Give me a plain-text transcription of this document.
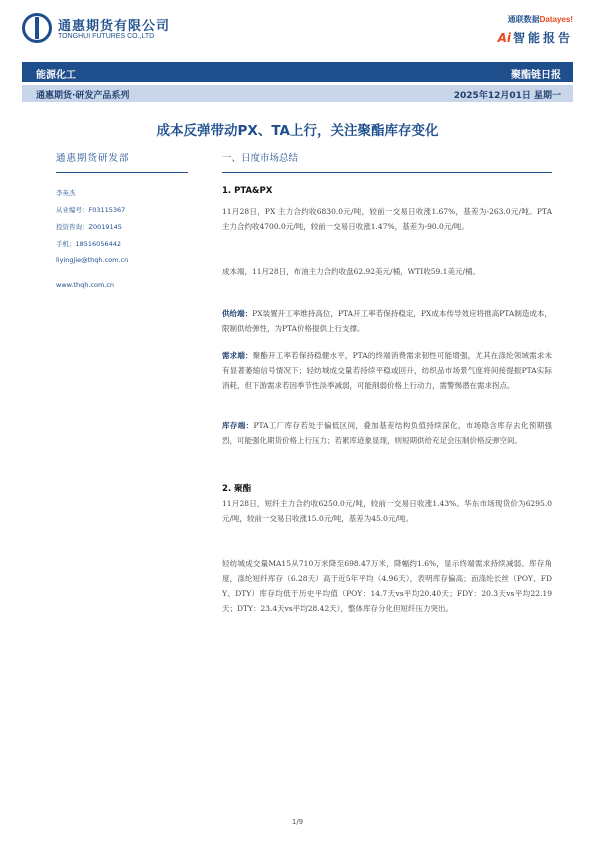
通惠期货有限公司
TONGHUI FUTURES CO.,LTD
通联数据Datayes!
Ai 智能报告
能源化工	聚酯链日报
通惠期货·研发产品系列	2025年12月01日 星期一
成本反弹带动PX、TA上行，关注聚酯库存变化
通惠期货研发部
李英杰
从业编号：F03115367
投资咨询：Z0019145
手机：18516056442
liyingjie@thqh.com.cn
www.thqh.com.cn
一、日度市场总结
1. PTA&PX
11月28日，PX 主力合约收6830.0元/吨，较前一交易日收涨1.67%，基差为-263.0元/吨。PTA 主力合约收4700.0元/吨，较前一交易日收涨1.47%，基差为-90.0元/吨。
成本端，11月28日，布油主力合约收盘62.92美元/桶，WTI收59.1美元/桶。
供给端：PX装置开工率维持高位，PTA开工率若保持稳定，PX成本传导效应将推高PTA制造成本，限制供给弹性，为PTA价格提供上行支撑。
需求端：聚酯开工率若保持稳健水平，PTA的终端消费需求韧性可能增强，尤其在涤纶领域需求未有显著萎缩信号情况下；轻纺城成交量若持续平稳或回升，纺织品市场景气度将间接提振PTA实际消耗，但下游需求若因季节性淡季减弱，可能削弱价格上行动力，需警惕潜在需求拐点。
库存端：PTA工厂库存若处于偏低区间，叠加基差结构负值持续深化，市场隐含库存去化预期强烈，可能强化期货价格上行压力；若累库迹象显现，则短期供给充足会压制价格反弹空间。
2. 聚酯
11月28日，短纤主力合约收6250.0元/吨，较前一交易日收涨1.43%。华东市场现货价为6295.0元/吨，较前一交易日收涨15.0元/吨，基差为45.0元/吨。
轻纺城成交量MA15从710万米降至698.47万米，降幅约1.6%，显示终端需求持续减弱。库存角度，涤纶短纤库存（6.28天）高于近5年平均（4.96天），表明库存偏高；而涤纶长丝（POY、FDY、DTY）库存均低于历史平均值（POY：14.7天vs平均20.40天；FDY：20.3天vs平均22.19天；DTY：23.4天vs平均28.42天），整体库存分化但短纤压力突出。
1/9
